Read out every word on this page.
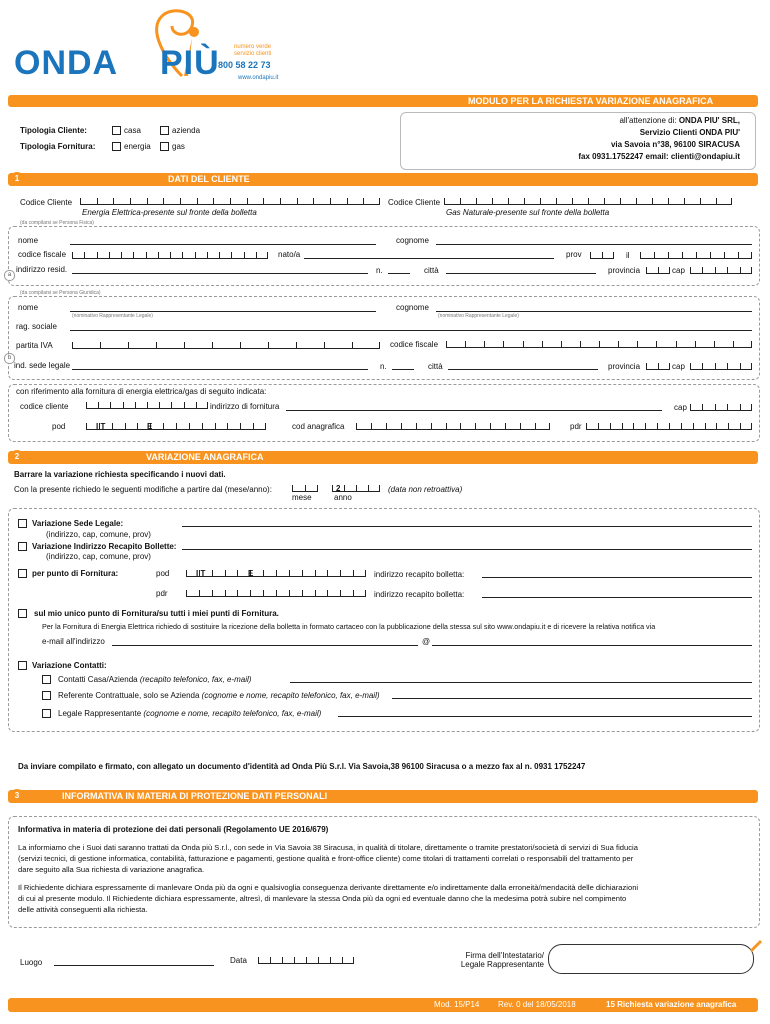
ONDA PIÙ numero verde
servizio clienti
800 58 22 73
www.ondapiu.it
MODULO PER LA RICHIESTA VARIAZIONE ANAGRAFICA
Tipologia Cliente:	casa	azienda
Tipologia Fornitura:	energia	gas
all'attenzione di: ONDA PIU' SRL,
Servizio Clienti ONDA PIU'
via Savoia n°38, 96100 SIRACUSA
fax 0931.1752247 email: clienti@ondapiu.it
1	DATI DEL CLIENTE
Codice Cliente
Energia Elettrica-presente sul fronte della bolletta
Codice Cliente
Gas Naturale-presente sul fronte della bolletta
(da compilarsi se Persona Fisica)
a
nome	cognome
codice fiscale	nato/a	prov	il
indirizzo resid.	n.	città	provincia	cap
(da compilarsi se Persona Giuridica)
b
nome
(nominativo Rappresentante Legale)
cognome
(nominativo Rappresentante Legale)
rag. sociale
partita IVA	codice fiscale
ind. sede legale	n.	città	provincia	cap
con riferimento alla fornitura di energia elettrica/gas di seguito indicata:
codice cliente	indirizzo di fornitura	cap
pod	I T	E	cod anagrafica	pdr
2	VARIAZIONE ANAGRAFICA
Barrare la variazione richiesta specificando i nuovi dati.
Con la presente richiedo le seguenti modifiche a partire dal (mese/anno):
mese
2
anno
(data non retroattiva)
Variazione Sede Legale:
(indirizzo, cap, comune, prov)
Variazione Indirizzo Recapito Bollette:
(indirizzo, cap, comune, prov)
per punto di Fornitura:	pod	I T	E	indirizzo recapito bolletta:
pdr	indirizzo recapito bolletta:
sul mio unico punto di Fornitura/su tutti i miei punti di Fornitura.
Per la Fornitura di Energia Elettrica richiedo di sostituire la ricezione della bolletta in formato cartaceo con la pubblicazione della stessa sul sito www.ondapiu.it e di ricevere la relativa notifica via
e-mail all'indirizzo	@
Variazione Contatti:
Contatti Casa/Azienda (recapito telefonico, fax, e-mail)
Referente Contrattuale, solo se Azienda (cognome e nome, recapito telefonico, fax, e-mail)
Legale Rappresentante (cognome e nome, recapito telefonico, fax, e-mail)
Da inviare compilato e firmato, con allegato un documento d'identità ad Onda Più S.r.l. Via Savoia,38 96100 Siracusa o a mezzo fax al n. 0931 1752247
3	INFORMATIVA IN MATERIA DI PROTEZIONE DATI PERSONALI
Informativa in materia di protezione dei dati personali (Regolamento UE 2016/679)
La informiamo che i Suoi dati saranno trattati da Onda più S.r.l., con sede in Via Savoia 38 Siracusa, in qualità di titolare, direttamente o tramite prestatori/società di servizi di Sua fiducia
(servizi tecnici, di gestione informatica, contabilità, fatturazione e pagamenti, gestione qualità e front-office cliente) come titolari di trattamenti correlati o responsabili del trattamento per
dare seguito alla Sua richiesta di variazione anagrafica.
Il Richiedente dichiara espressamente di manlevare Onda più da ogni e qualsivoglia conseguenza derivante direttamente e/o indirettamente dalla erroneità/mendacità delle dichiarazioni
di cui al presente modulo. Il Richiedente dichiara espressamente, altresì, di manlevare la stessa Onda più da ogni ed eventuale danno che la medesima potrà subire nel compimento
delle attività conseguenti alla richiesta.
Luogo	Data
Firma dell'Intestatario/
Legale Rappresentante
Mod. 15/P14 Rev. 0 del 18/05/2018	15 Richiesta variazione anagrafica
